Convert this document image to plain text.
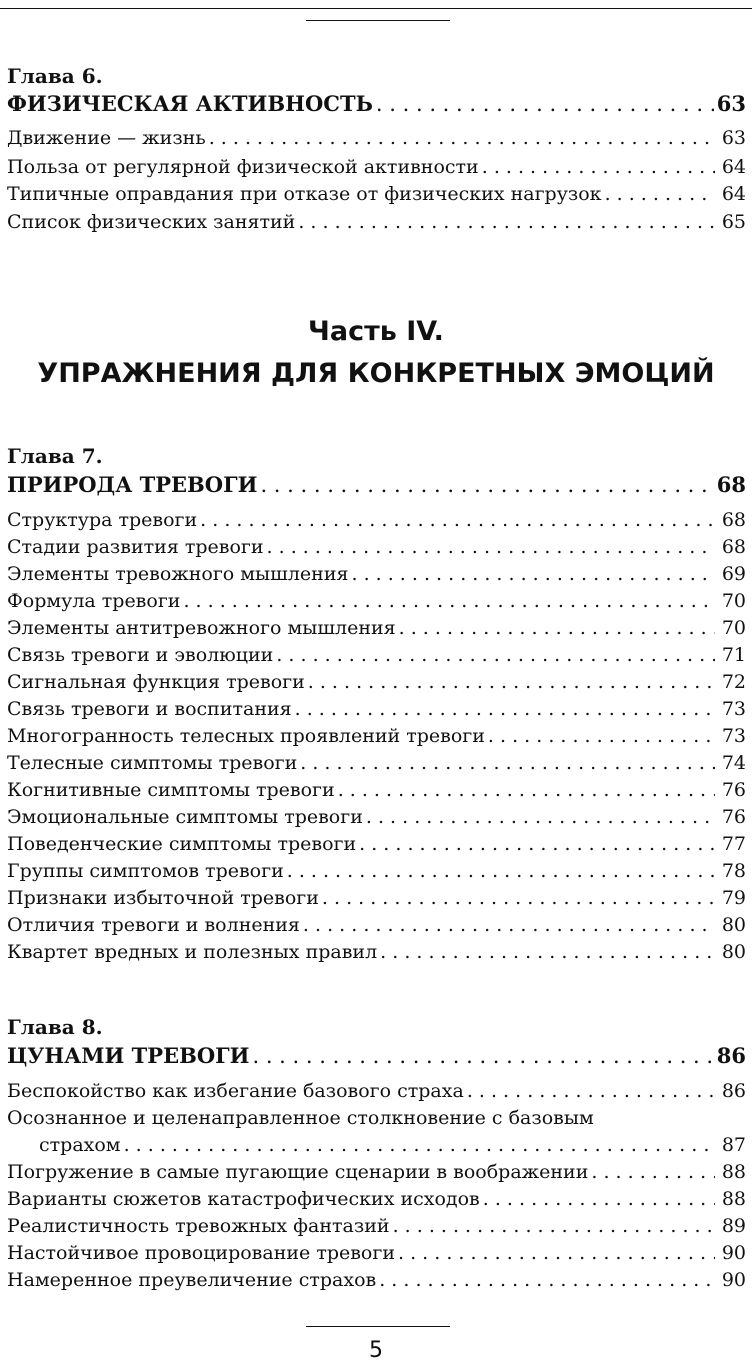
Глава 6.
ФИЗИЧЕСКАЯ АКТИВНОСТЬ . . .	63
Движение — жизнь . . .	63
Польза от регулярной физической активности . . .	64
Типичные оправдания при отказе от физических нагрузок . . .	64
Список физических занятий . . .	65
Глава 7.
ПРИРОДА ТРЕВОГИ . . .	68
Структура тревоги . . .	68
Стадии развития тревоги . . .	68
Элементы тревожного мышления . . .	69
Формула тревоги . . .	70
Элементы антитревожного мышления . . .	70
Связь тревоги и эволюции . . .	71
Сигнальная функция тревоги . . .	72
Связь тревоги и воспитания . . .	73
Многогранность телесных проявлений тревоги . . .	73
Телесные симптомы тревоги . . .	74
Когнитивные симптомы тревоги . . .	76
Эмоциональные симптомы тревоги . . .	76
Поведенческие симптомы тревоги . . .	77
Группы симптомов тревоги . . .	78
Признаки избыточной тревоги . . .	79
Отличия тревоги и волнения . . .	80
Квартет вредных и полезных правил . . .	80
Глава 8.
ЦУНАМИ ТРЕВОГИ . . .	86
Беспокойство как избегание базового страха . . .	86
Осознанное и целенаправленное столкновение с базовым
страхом . . .	87
Погружение в самые пугающие сценарии в воображении . . .	88
Варианты сюжетов катастрофических исходов . . .	88
Реалистичность тревожных фантазий . . .	89
Настойчивое провоцирование тревоги . . .	90
Намеренное преувеличение страхов . . .	90
Часть IV.
УПРАЖНЕНИЯ ДЛЯ КОНКРЕТНЫХ ЭМОЦИЙ
5
